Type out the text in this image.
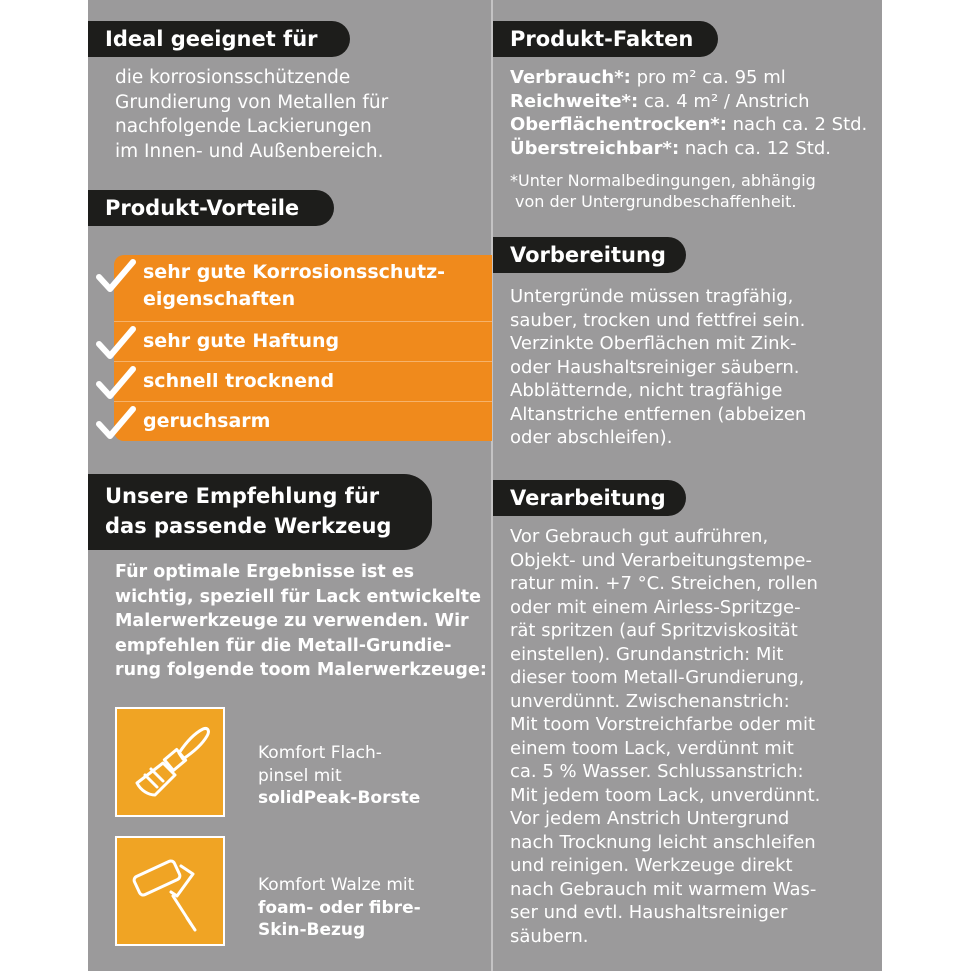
Ideal geeignet für
die korrosionsschützende
Grundierung von Metallen für
nachfolgende Lackierungen
im Innen- und Außenbereich.
Produkt-Vorteile
sehr gute Korrosionsschutz-
eigenschaften
sehr gute Haftung
schnell trocknend
geruchsarm
Unsere Empfehlung für
das passende Werkzeug
Für optimale Ergebnisse ist es
wichtig, speziell für Lack entwickelte
Malerwerkzeuge zu verwenden. Wir
empfehlen für die Metall-Grundie-
rung folgende toom Malerwerkzeuge:
Komfort Flach-
pinsel mit
solidPeak-Borste
Komfort Walze mit
foam- oder fibre-
Skin-Bezug
Produkt-Fakten
Verbrauch*: pro m² ca. 95 ml
Reichweite*: ca. 4 m² / Anstrich
Oberflächentrocken*: nach ca. 2 Std.
Überstreichbar*: nach ca. 12 Std.
*Unter Normalbedingungen, abhängig
von der Untergrundbeschaffenheit.
Vorbereitung
Untergründe müssen tragfähig,
sauber, trocken und fettfrei sein.
Verzinkte Oberflächen mit Zink-
oder Haushaltsreiniger säubern.
Abblätternde, nicht tragfähige
Altanstriche entfernen (abbeizen
oder abschleifen).
Verarbeitung
Vor Gebrauch gut aufrühren,
Objekt- und Verarbeitungstempe-
ratur min. +7 °C. Streichen, rollen
oder mit einem Airless-Spritzge-
rät spritzen (auf Spritzviskosität
einstellen). Grundanstrich: Mit
dieser toom Metall-Grundierung,
unverdünnt. Zwischenanstrich:
Mit toom Vorstreichfarbe oder mit
einem toom Lack, verdünnt mit
ca. 5 % Wasser. Schlussanstrich:
Mit jedem toom Lack, unverdünnt.
Vor jedem Anstrich Untergrund
nach Trocknung leicht anschleifen
und reinigen. Werkzeuge direkt
nach Gebrauch mit warmem Was-
ser und evtl. Haushaltsreiniger
säubern.
